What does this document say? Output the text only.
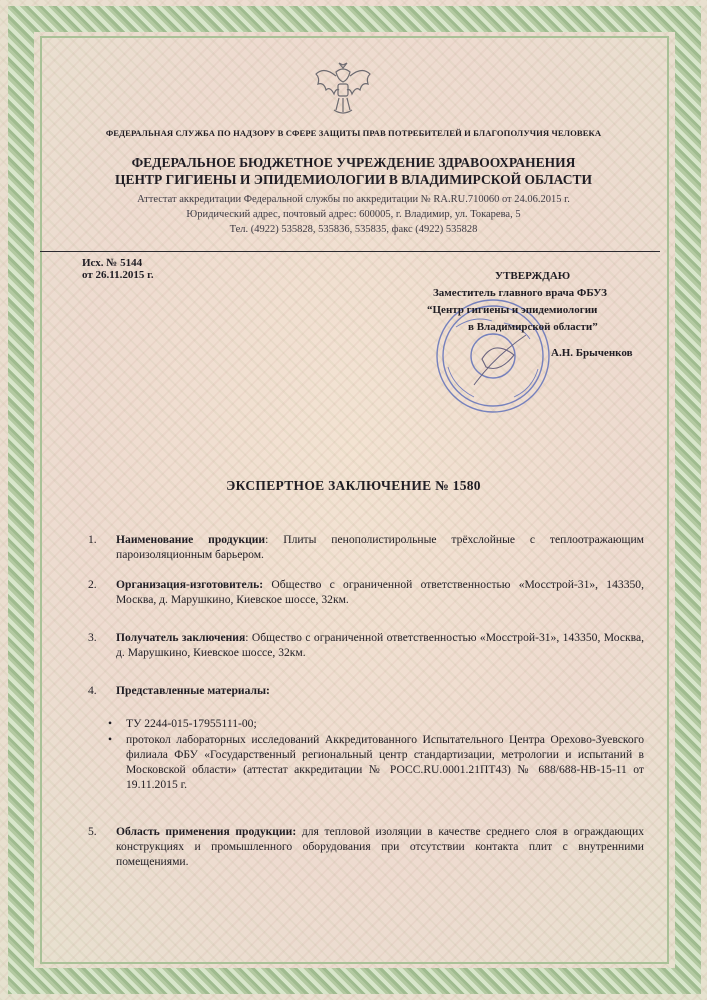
ФЕДЕРАЛЬНАЯ СЛУЖБА ПО НАДЗОРУ В СФЕРЕ ЗАЩИТЫ ПРАВ ПОТРЕБИТЕЛЕЙ И БЛАГОПОЛУЧИЯ ЧЕЛОВЕКА
ФЕДЕРАЛЬНОЕ БЮДЖЕТНОЕ УЧРЕЖДЕНИЕ ЗДРАВООХРАНЕНИЯ
ЦЕНТР ГИГИЕНЫ И ЭПИДЕМИОЛОГИИ В ВЛАДИМИРСКОЙ ОБЛАСТИ
Аттестат аккредитации Федеральной службы по аккредитации № RA.RU.710060 от 24.06.2015 г.
Юридический адрес, почтовый адрес: 600005, г. Владимир, ул. Токарева, 5
Тел. (4922) 535828, 535836, 535835, факс (4922) 535828
Исх. № 5144
от 26.11.2015 г.	УТВЕРЖДАЮ
Заместитель главного врача ФБУЗ
“Центр гигиены и эпидемиологии
в Владимирской области”
А.Н. Брыченков
ЭКСПЕРТНОЕ ЗАКЛЮЧЕНИЕ № 1580
1. Наименование продукции: Плиты пенополистирольные трёхслойные с теплоотражающим пароизоляционным барьером.
2. Организация-изготовитель: Общество с ограниченной ответственностью «Мосстрой-31», 143350, Москва, д. Марушкино, Киевское шоссе, 32км.
3. Получатель заключения: Общество с ограниченной ответственностью «Мосстрой-31», 143350, Москва, д. Марушкино, Киевское шоссе, 32км.
4. Представленные материалы:
• ТУ 2244-015-17955111-00;
• протокол лабораторных исследований Аккредитованного Испытательного Центра Орехово-Зуевского филиала ФБУ «Государственный региональный центр стандартизации, метрологии и испытаний в Московской области» (аттестат аккредитации № РОСС.RU.0001.21ПТ43) № 688/688-НВ-15-11 от 19.11.2015 г.
5. Область применения продукции: для тепловой изоляции в качестве среднего слоя в ограждающих конструкциях и промышленного оборудования при отсутствии контакта плит с внутренними помещениями.
